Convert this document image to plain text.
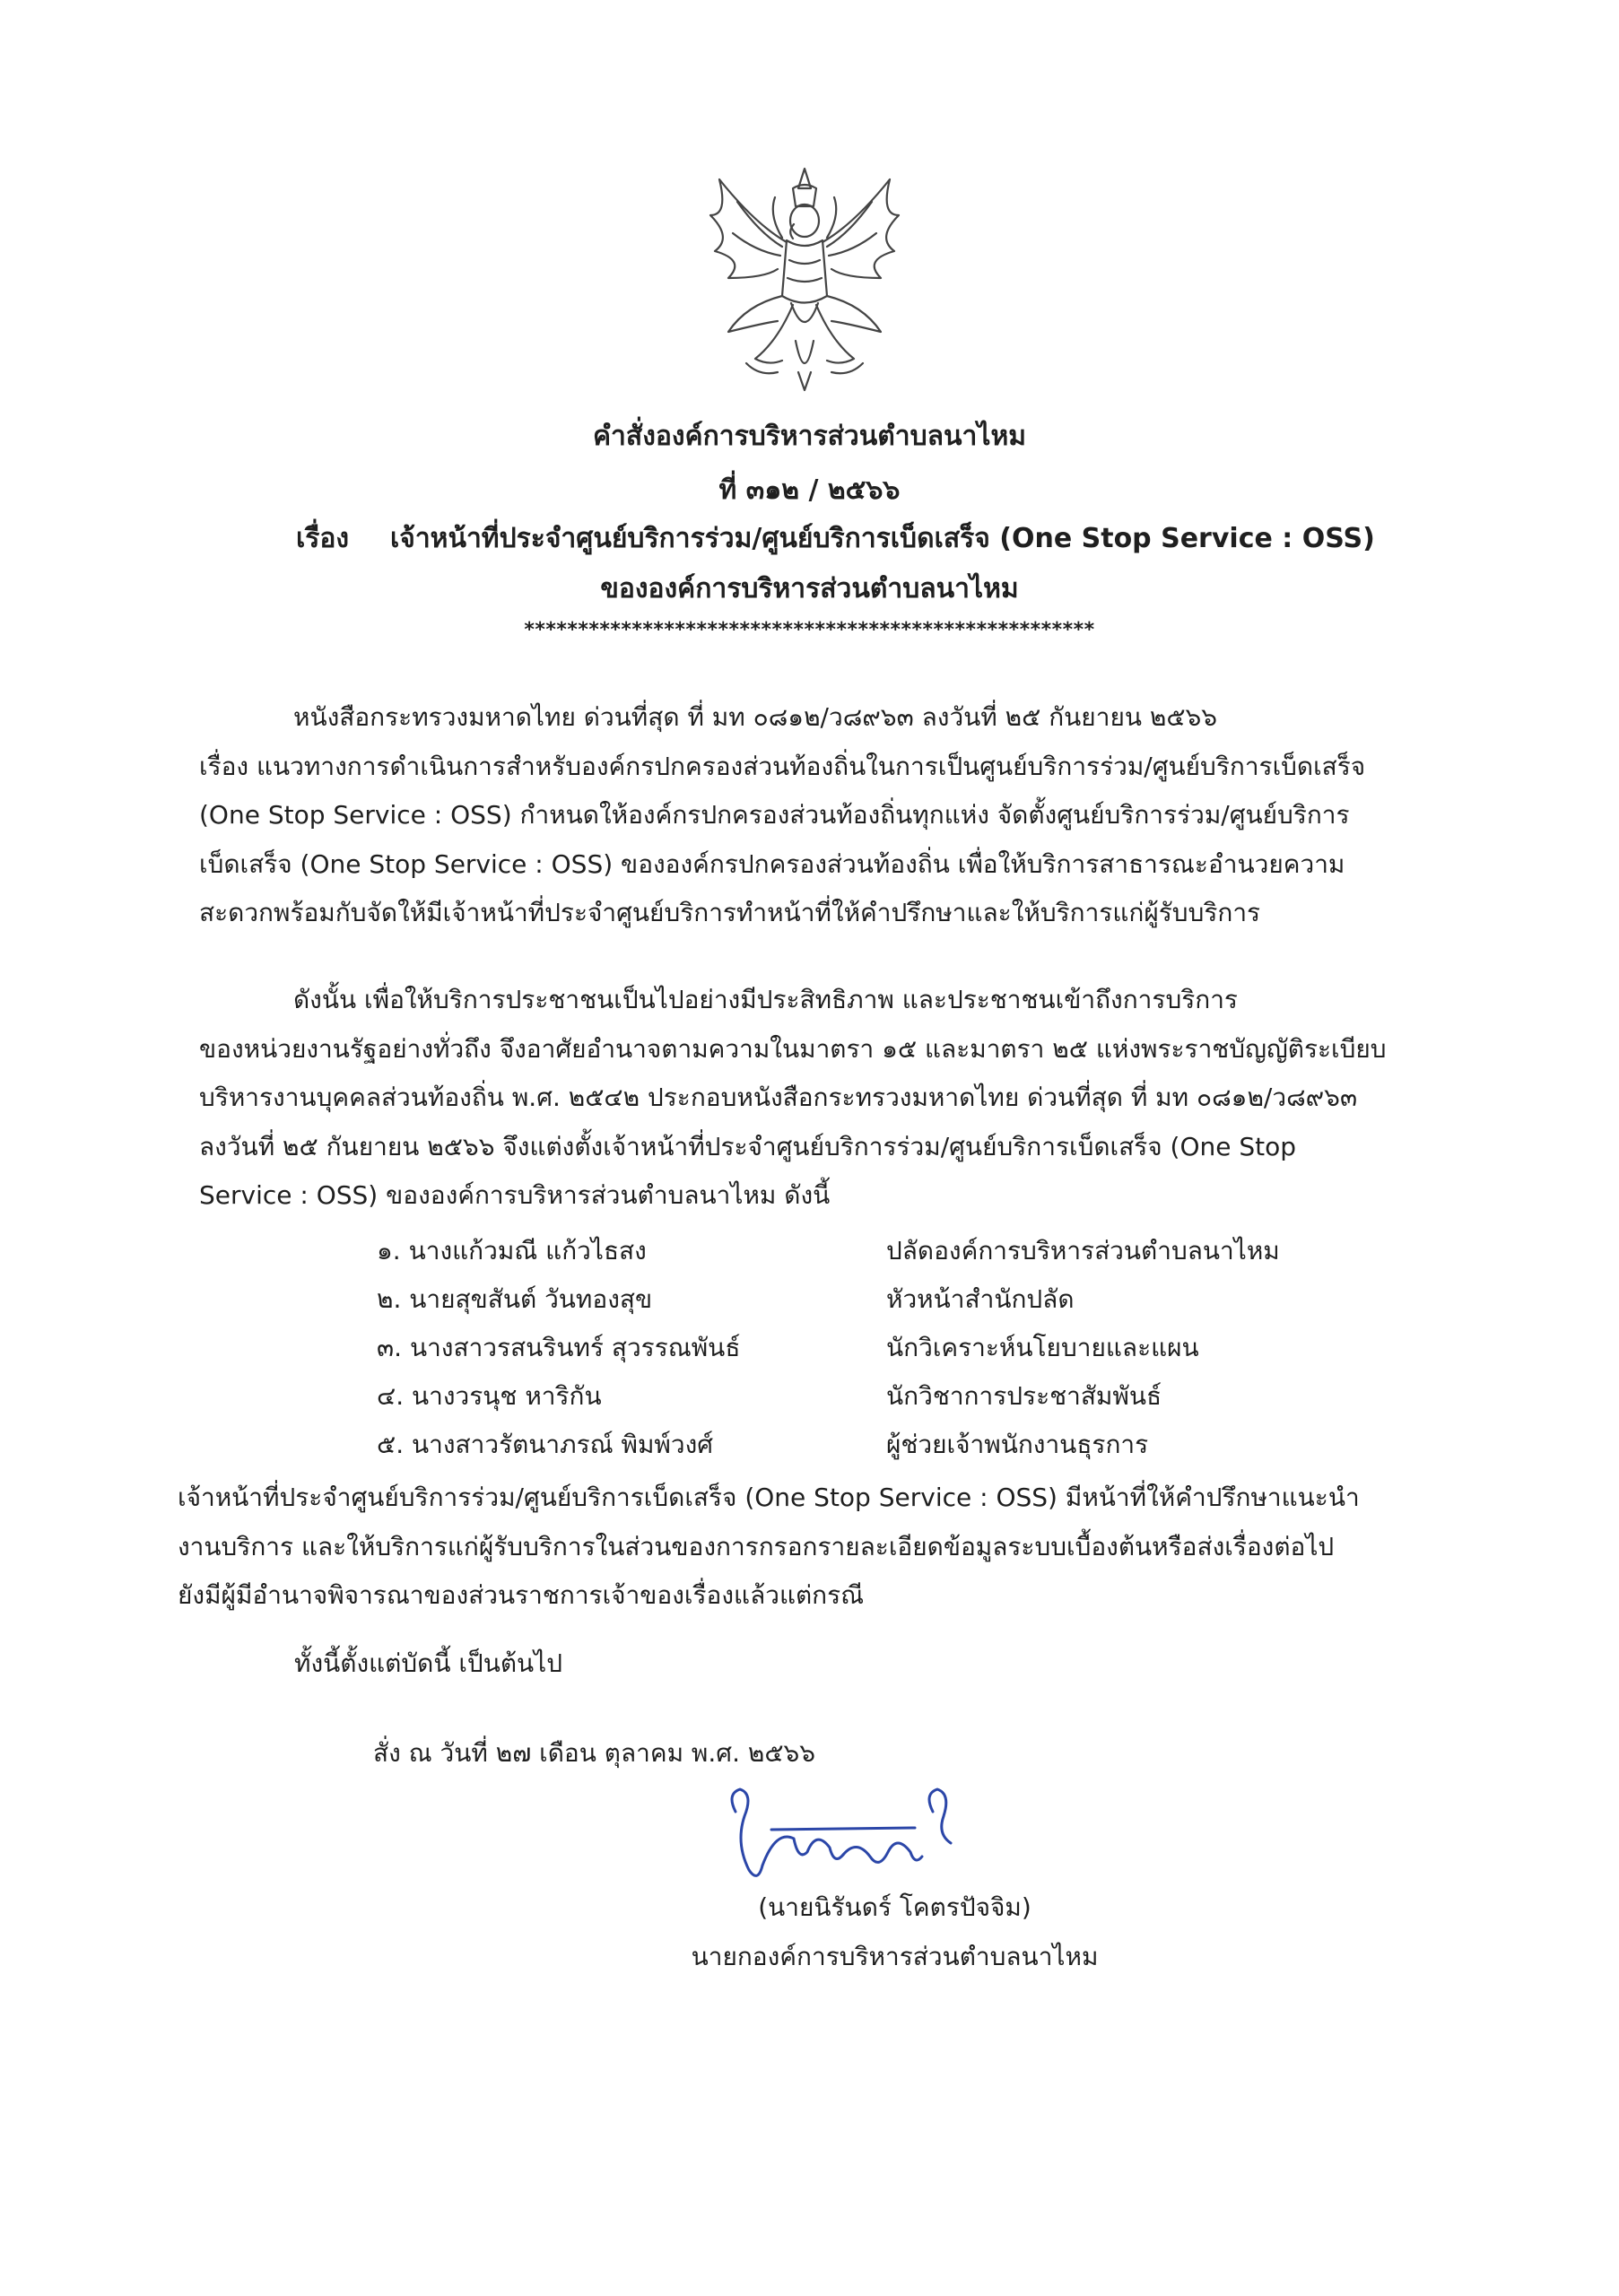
คำสั่งองค์การบริหารส่วนตำบลนาไหม
ที่ ๓๑๒ / ๒๕๖๖
เรื่อง เจ้าหน้าที่ประจำศูนย์บริการร่วม/ศูนย์บริการเบ็ดเสร็จ (One Stop Service : OSS)
ขององค์การบริหารส่วนตำบลนาไหม
*****************************************************
หนังสือกระทรวงมหาดไทย ด่วนที่สุด ที่ มท ๐๘๑๒/ว๘๙๖๓ ลงวันที่ ๒๕ กันยายน ๒๕๖๖
เรื่อง แนวทางการดำเนินการสำหรับองค์กรปกครองส่วนท้องถิ่นในการเป็นศูนย์บริการร่วม/ศูนย์บริการเบ็ดเสร็จ
(One Stop Service : OSS) กำหนดให้องค์กรปกครองส่วนท้องถิ่นทุกแห่ง จัดตั้งศูนย์บริการร่วม/ศูนย์บริการ
เบ็ดเสร็จ (One Stop Service : OSS) ขององค์กรปกครองส่วนท้องถิ่น เพื่อให้บริการสาธารณะอำนวยความ
สะดวกพร้อมกับจัดให้มีเจ้าหน้าที่ประจำศูนย์บริการทำหน้าที่ให้คำปรึกษาและให้บริการแก่ผู้รับบริการ
ดังนั้น เพื่อให้บริการประชาชนเป็นไปอย่างมีประสิทธิภาพ และประชาชนเข้าถึงการบริการ
ของหน่วยงานรัฐอย่างทั่วถึง จึงอาศัยอำนาจตามความในมาตรา ๑๕ และมาตรา ๒๕ แห่งพระราชบัญญัติระเบียบ
บริหารงานบุคคลส่วนท้องถิ่น พ.ศ. ๒๕๔๒ ประกอบหนังสือกระทรวงมหาดไทย ด่วนที่สุด ที่ มท ๐๘๑๒/ว๘๙๖๓
ลงวันที่ ๒๕ กันยายน ๒๕๖๖ จึงแต่งตั้งเจ้าหน้าที่ประจำศูนย์บริการร่วม/ศูนย์บริการเบ็ดเสร็จ (One Stop
Service : OSS) ขององค์การบริหารส่วนตำบลนาไหม ดังนี้
๑. นางแก้วมณี แก้วไธสง	ปลัดองค์การบริหารส่วนตำบลนาไหม
๒. นายสุขสันต์ วันทองสุข	หัวหน้าสำนักปลัด
๓. นางสาวรสนรินทร์ สุวรรณพันธ์	นักวิเคราะห์นโยบายและแผน
๔. นางวรนุช หาริกัน	นักวิชาการประชาสัมพันธ์
๕. นางสาวรัตนาภรณ์ พิมพ์วงศ์	ผู้ช่วยเจ้าพนักงานธุรการ
เจ้าหน้าที่ประจำศูนย์บริการร่วม/ศูนย์บริการเบ็ดเสร็จ (One Stop Service : OSS) มีหน้าที่ให้คำปรึกษาแนะนำ
งานบริการ และให้บริการแก่ผู้รับบริการในส่วนของการกรอกรายละเอียดข้อมูลระบบเบื้องต้นหรือส่งเรื่องต่อไป
ยังมีผู้มีอำนาจพิจารณาของส่วนราชการเจ้าของเรื่องแล้วแต่กรณี
ทั้งนี้ตั้งแต่บัดนี้ เป็นต้นไป
สั่ง ณ วันที่ ๒๗ เดือน ตุลาคม พ.ศ. ๒๕๖๖
(นายนิรันดร์ โคตรปัจจิม)
นายกองค์การบริหารส่วนตำบลนาไหม
